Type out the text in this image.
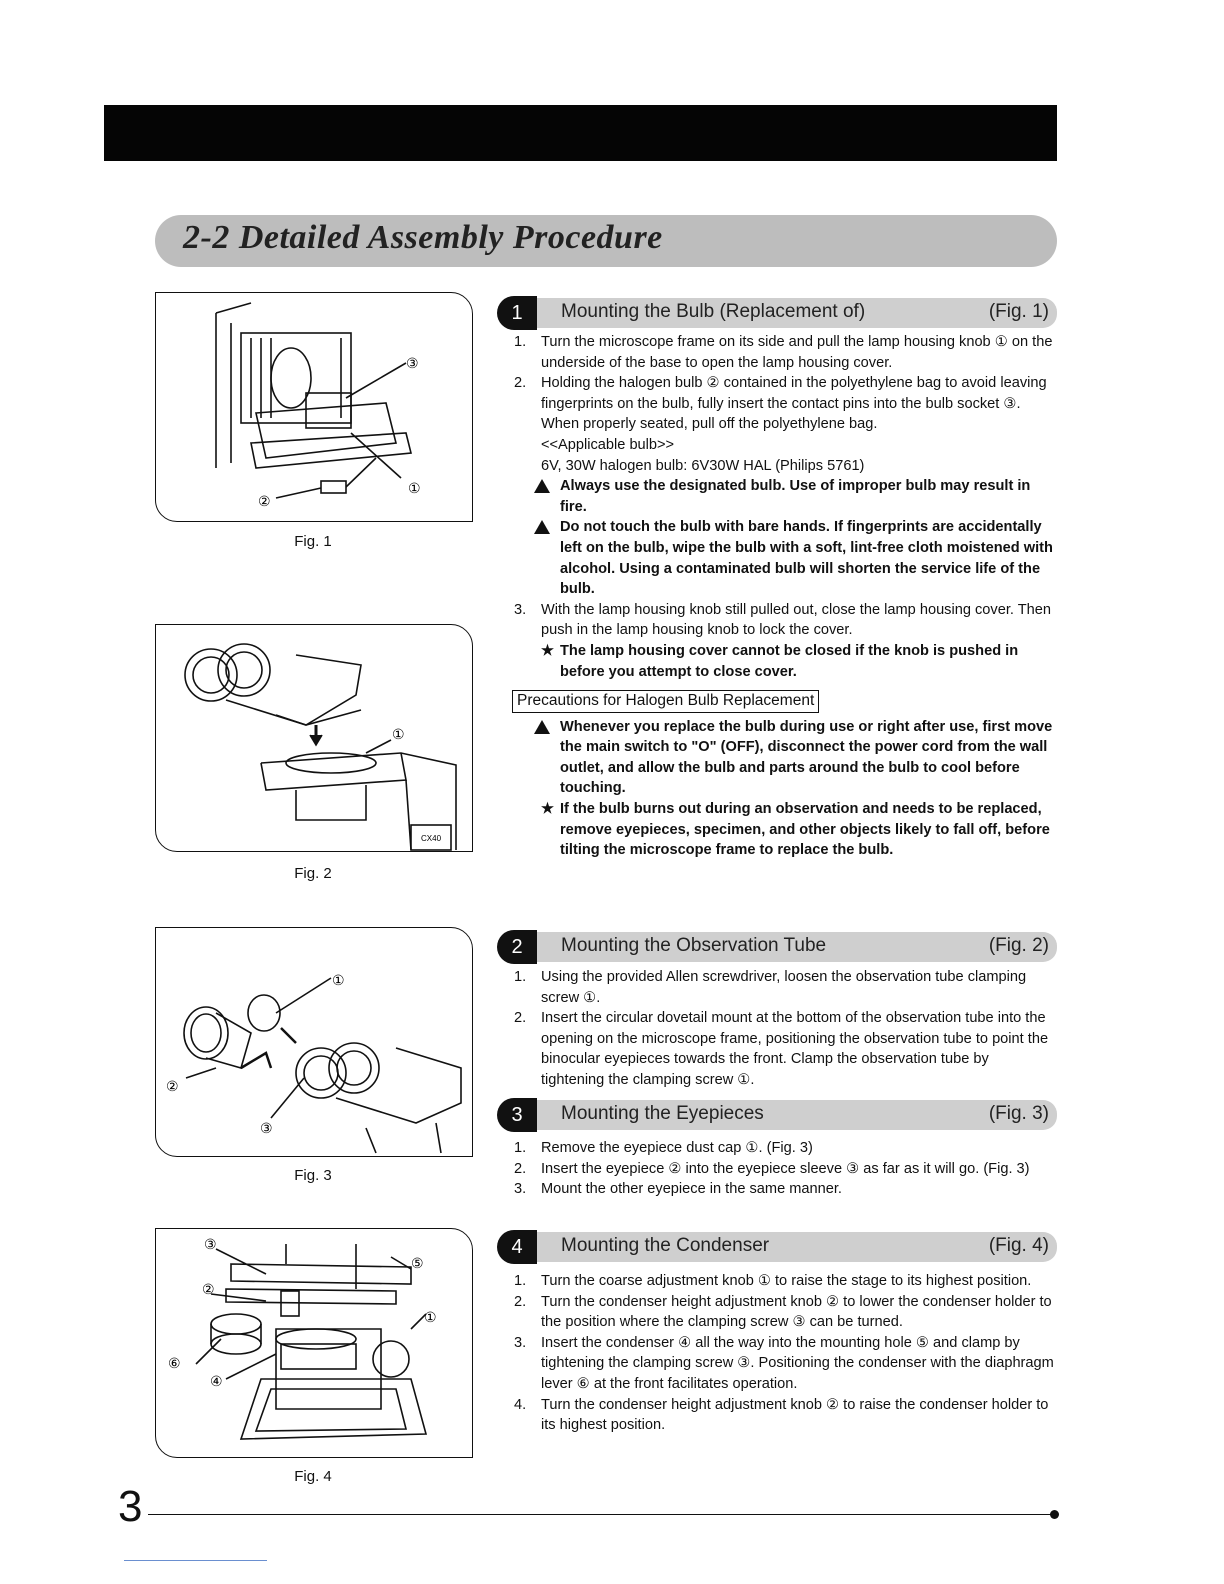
2-2 Detailed Assembly Procedure
③
②
①
Fig. 1
①
CX40
Fig. 2
①
②
③
Fig. 3
③
⑤
②
①
⑥
④
Fig. 4
1	Mounting the Bulb (Replacement of)	(Fig. 1)
1. Turn the microscope frame on its side and pull the lamp housing knob ① on the underside of the base to open the lamp housing cover.
2. Holding the halogen bulb ② contained in the polyethylene bag to avoid leaving fingerprints on the bulb, fully insert the contact pins into the bulb socket ③. When properly seated, pull off the polyethylene bag.
<<Applicable bulb>>
6V, 30W halogen bulb: 6V30W HAL (Philips 5761)
Always use the designated bulb. Use of improper bulb may result in fire.
Do not touch the bulb with bare hands. If fingerprints are accidentally left on the bulb, wipe the bulb with a soft, lint-free cloth moistened with alcohol. Using a contaminated bulb will shorten the service life of the bulb.
3. With the lamp housing knob still pulled out, close the lamp housing cover. Then push in the lamp housing knob to lock the cover.
★ The lamp housing cover cannot be closed if the knob is pushed in before you attempt to close cover.
Precautions for Halogen Bulb Replacement
Whenever you replace the bulb during use or right after use, first move the main switch to "O" (OFF), disconnect the power cord from the wall outlet, and allow the bulb and parts around the bulb to cool before touching.
★ If the bulb burns out during an observation and needs to be replaced, remove eyepieces, specimen, and other objects likely to fall off, before tilting the microscope frame to replace the bulb.
2	Mounting the Observation Tube	(Fig. 2)
1. Using the provided Allen screwdriver, loosen the observation tube clamping screw ①.
2. Insert the circular dovetail mount at the bottom of the observation tube into the opening on the microscope frame, positioning the observation tube to point the binocular eyepieces towards the front. Clamp the observation tube by tightening the clamping screw ①.
3	Mounting the Eyepieces	(Fig. 3)
1. Remove the eyepiece dust cap ①. (Fig. 3)
2. Insert the eyepiece ② into the eyepiece sleeve ③ as far as it will go. (Fig. 3)
3. Mount the other eyepiece in the same manner.
4	Mounting the Condenser	(Fig. 4)
1. Turn the coarse adjustment knob ① to raise the stage to its highest position.
2. Turn the condenser height adjustment knob ② to lower the condenser holder to the position where the clamping screw ③ can be turned.
3. Insert the condenser ④ all the way into the mounting hole ⑤ and clamp by tightening the clamping screw ③. Positioning the condenser with the diaphragm lever ⑥ at the front facilitates operation.
4. Turn the condenser height adjustment knob ② to raise the condenser holder to its highest position.
3
